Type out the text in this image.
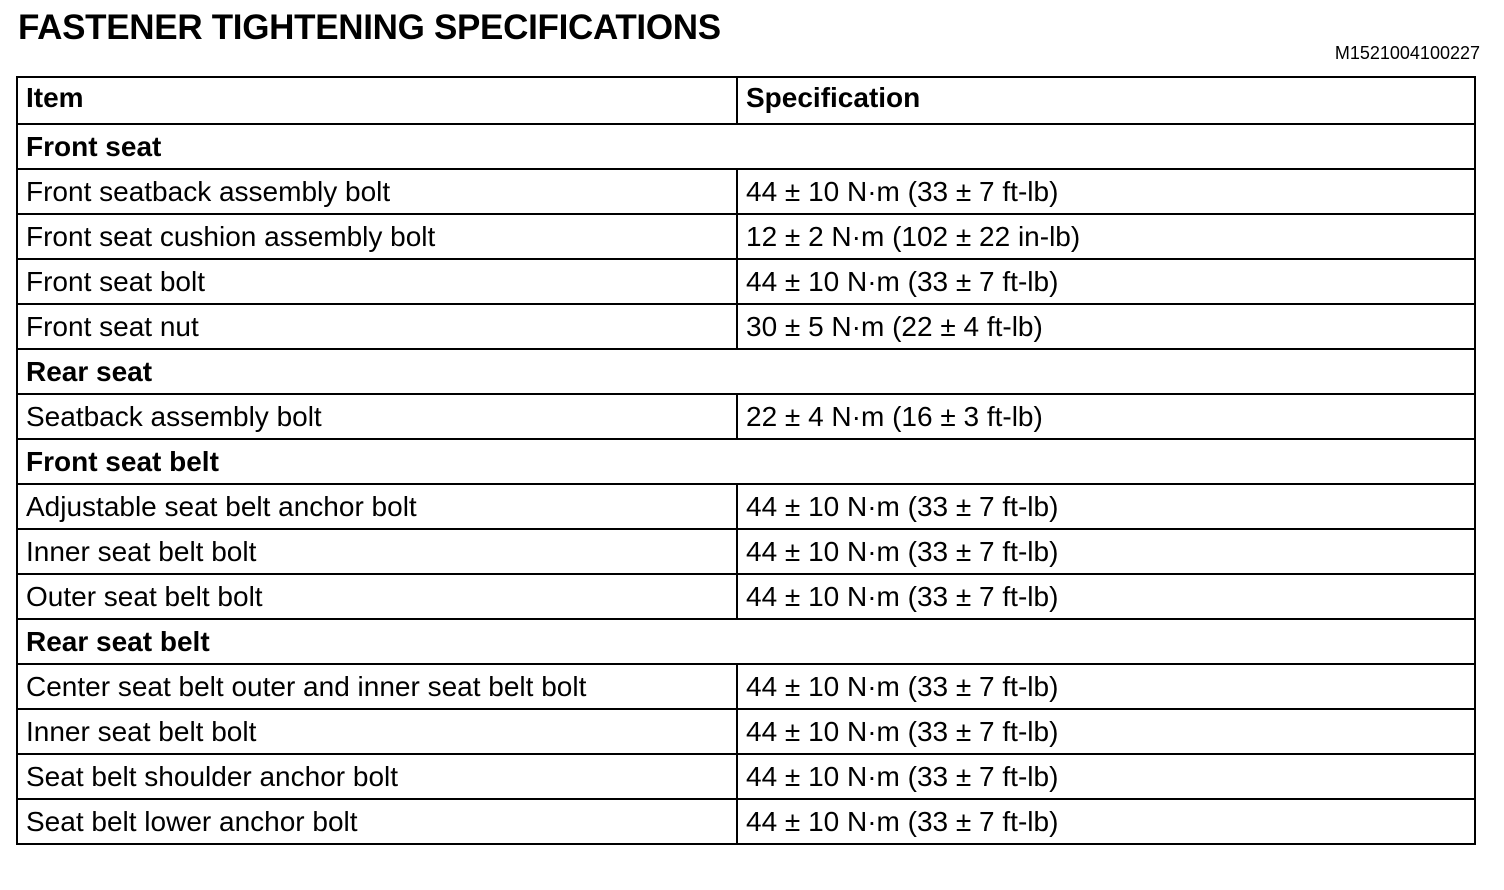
FASTENER TIGHTENING SPECIFICATIONS
M1521004100227
Item	Specification
Front seat	
Front seatback assembly bolt	44 ± 10 N·m (33 ± 7 ft-lb)
Front seat cushion assembly bolt	12 ± 2 N·m (102 ± 22 in-lb)
Front seat bolt	44 ± 10 N·m (33 ± 7 ft-lb)
Front seat nut	30 ± 5 N·m (22 ± 4 ft-lb)
Rear seat	
Seatback assembly bolt	22 ± 4 N·m (16 ± 3 ft-lb)
Front seat belt	
Adjustable seat belt anchor bolt	44 ± 10 N·m (33 ± 7 ft-lb)
Inner seat belt bolt	44 ± 10 N·m (33 ± 7 ft-lb)
Outer seat belt bolt	44 ± 10 N·m (33 ± 7 ft-lb)
Rear seat belt	
Center seat belt outer and inner seat belt bolt	44 ± 10 N·m (33 ± 7 ft-lb)
Inner seat belt bolt	44 ± 10 N·m (33 ± 7 ft-lb)
Seat belt shoulder anchor bolt	44 ± 10 N·m (33 ± 7 ft-lb)
Seat belt lower anchor bolt	44 ± 10 N·m (33 ± 7 ft-lb)
